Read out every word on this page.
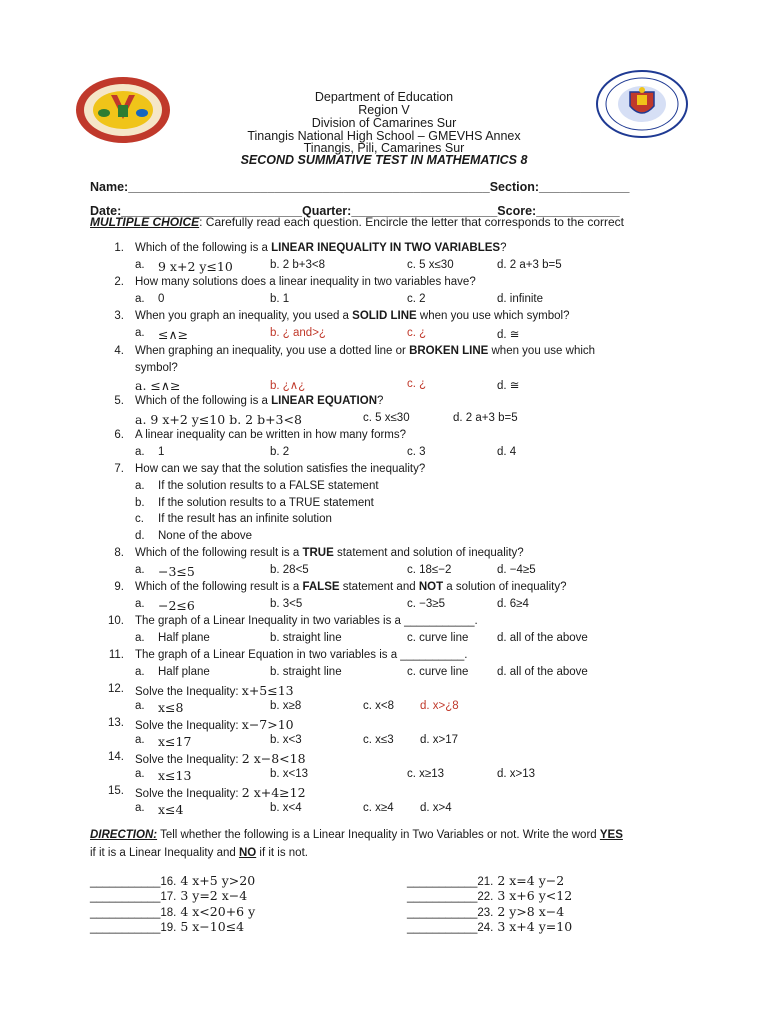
Department of Education
Region V
Division of Camarines Sur
Tinangis National High School – GMEVHS Annex
Tinangis, Pili, Camarines Sur
SECOND SUMMATIVE TEST IN MATHEMATICS 8
Name:____________________________________________________Section:_____________
Date:__________________________Quarter:_____________________Score:____________
MULTIPLE CHOICE: Carefully read each question. Encircle the letter that corresponds to the correct
1. Which of the following is a LINEAR INEQUALITY IN TWO VARIABLES?
a. 9 x+2 y≤10	b. 2 b+3<8	c. 5 x≤30	d. 2 a+3 b=5
2. How many solutions does a linear inequality in two variables have?
a. 0	b. 1	c. 2	d. infinite
3. When you graph an inequality, you used a SOLID LINE when you use which symbol?
a. ≤∧≥	b. ¿ and>¿	c. ¿	d. ≅
4. When graphing an inequality, you use a dotted line or BROKEN LINE when you use which
symbol?
a. ≤∧≥	b. ¿∧¿	c. ¿	d. ≅
5. Which of the following is a LINEAR EQUATION?
a. 9 x+2 y≤10 b. 2 b+3<8	c. 5 x≤30	d. 2 a+3 b=5
6. A linear inequality can be written in how many forms?
a. 1	b. 2	c. 3	d. 4
7. How can we say that the solution satisfies the inequality?
a. If the solution results to a FALSE statement
b. If the solution results to a TRUE statement
c. If the result has an infinite solution
d. None of the above
8. Which of the following result is a TRUE statement and solution of inequality?
a. −3≤5	b. 28<5	c. 18≤−2	d. −4≥5
9. Which of the following result is a FALSE statement and NOT a solution of inequality?
a. −2≤6	b. 3<5	c. −3≥5	d. 6≥4
10. The graph of a Linear Inequality in two variables is a ___________.
a. Half plane	b. straight line	c. curve line d. all of the above
11. The graph of a Linear Equation in two variables is a __________.
a. Half plane	b. straight line	c. curve line d. all of the above
12. Solve the Inequality: x+5≤13
a. x≤8	b. x≥8	c. x<8 d. x>¿8
13. Solve the Inequality: x−7>10
a. x≤17	b. x<3	c. x≤3 d. x>17
14. Solve the Inequality: 2 x−8<18
a. x≤13	b. x<13	c. x≥13	d. x>13
15. Solve the Inequality: 2 x+4≥12
a. x≤4	b. x<4	c. x≥4 d. x>4
DIRECTION: Tell whether the following is a Linear Inequality in Two Variables or not. Write the word YES
if it is a Linear Inequality and NO if it is not.
___________16. 4 x+5 y>20
___________17. 3 y=2 x−4
___________18. 4 x<20+6 y
___________19. 5 x−10≤4
___________21. 2 x=4 y−2
___________22. 3 x+6 y<12
___________23. 2 y>8 x−4
___________24. 3 x+4 y=10
